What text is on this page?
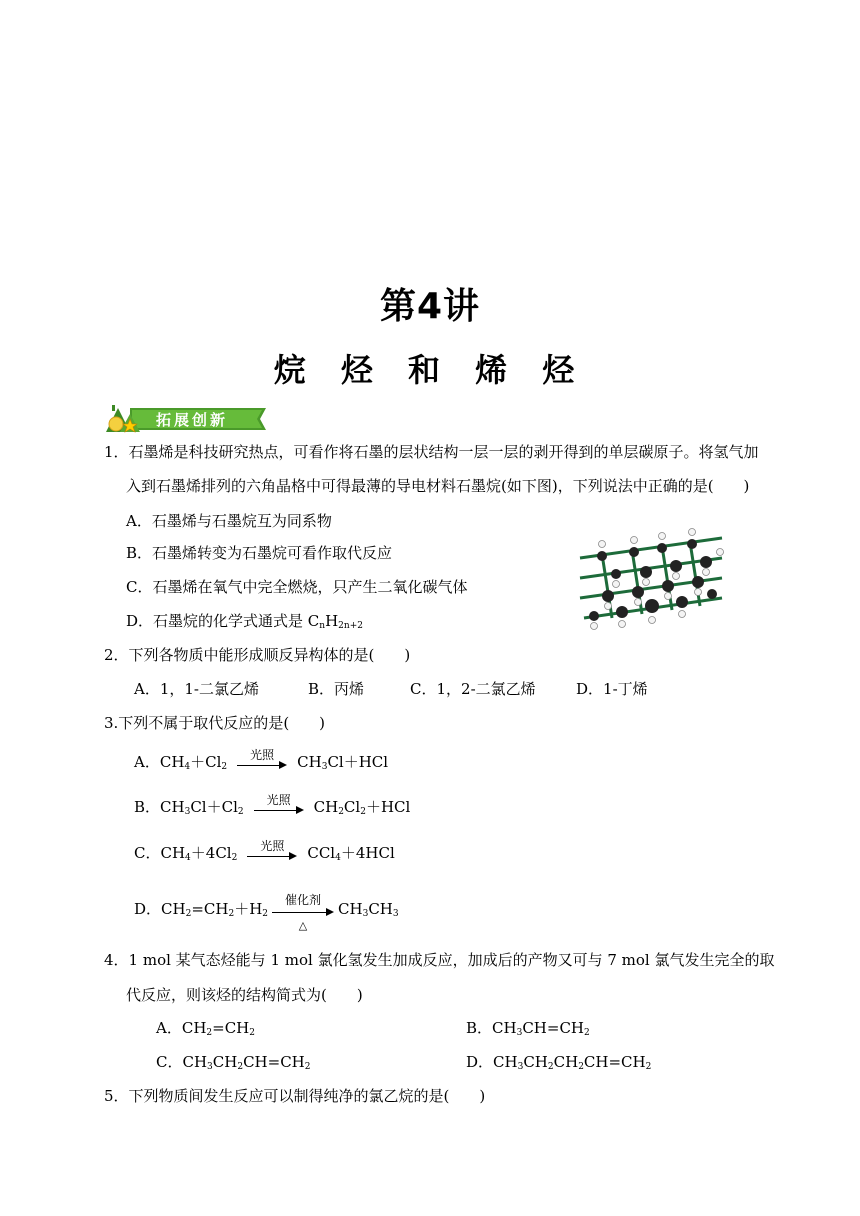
第4讲
烷 烃 和 烯 烃
拓展创新
1．石墨烯是科技研究热点，可看作将石墨的层状结构一层一层的剥开得到的单层碳原子。将氢气加
入到石墨烯排列的六角晶格中可得最薄的导电材料石墨烷(如下图)，下列说法中正确的是(　　)
A．石墨烯与石墨烷互为同系物
B．石墨烯转变为石墨烷可看作取代反应
C．石墨烯在氧气中完全燃烧，只产生二氧化碳气体
D．石墨烷的化学式通式是 $C_nH_{2n+2}$
2．下列各物质中能形成顺反异构体的是(　　)
A．1，1-二氯乙烯	B．丙烯	C．1，2-二氯乙烯	D．1-丁烯
3.下列不属于取代反应的是(　　)
A．$CH_4+Cl_2$
光照	$CH_3Cl+HCl$
B．$CH_3Cl+Cl_2$
光照	$CH_2Cl_2+HCl$
C．$CH_4+4Cl_2$
光照	CCl$_4$＋4HCl
D．$CH_2=CH_2+H_2$
催化剂
△
$CH_3CH_3$
4．1 mol 某气态烃能与 1 mol 氯化氢发生加成反应，加成后的产物又可与 7 mol 氯气发生完全的取
代反应，则该烃的结构简式为(　　)
A．$CH_2=CH_2$	B．$CH_3CH=CH_2$
C．$CH_3CH_2CH=CH_2$	D．$CH_3CH_2CH_2CH=CH_2$
5．下列物质间发生反应可以制得纯净的氯乙烷的是(　　)
